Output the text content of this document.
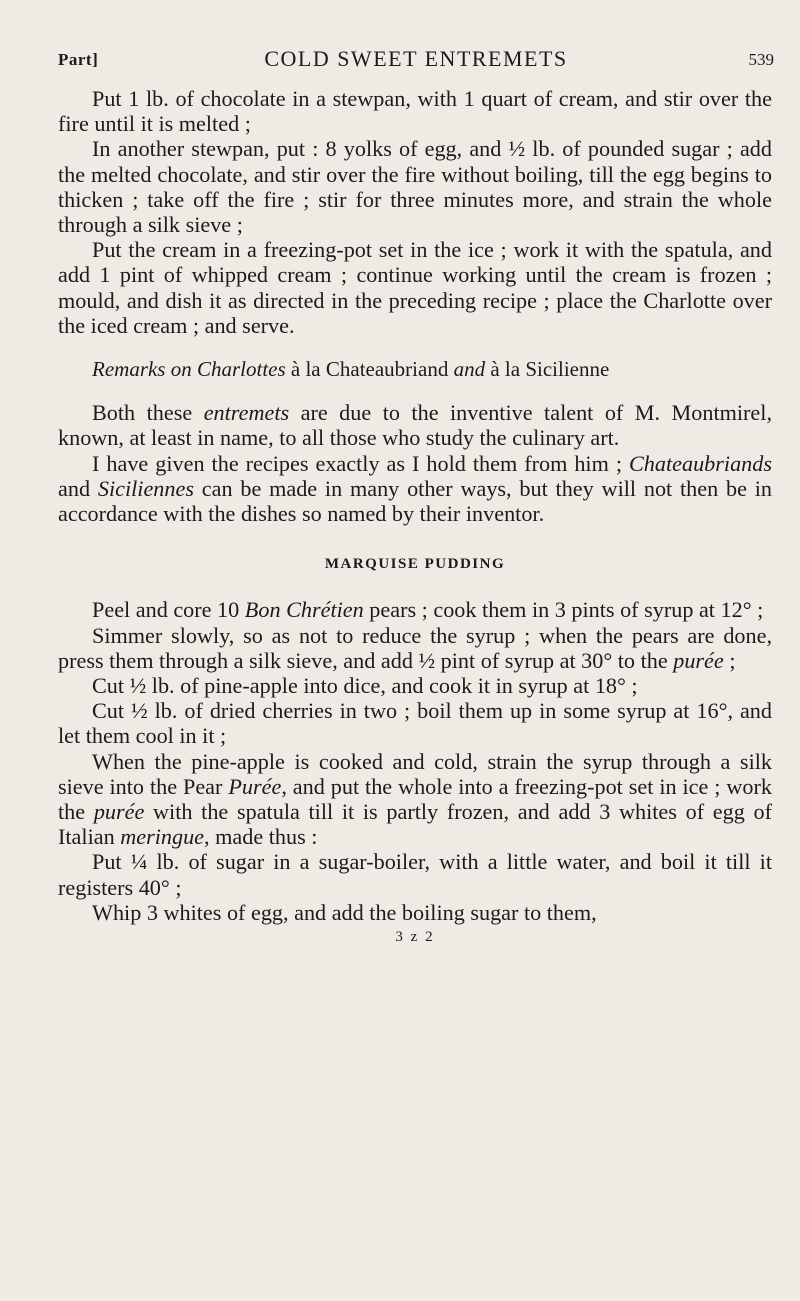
Part]	COLD SWEET ENTREMETS	539

Put 1 lb. of chocolate in a stewpan, with 1 quart of cream, and stir over the fire until it is melted ;

In another stewpan, put : 8 yolks of egg, and ½ lb. of pounded sugar ; add the melted chocolate, and stir over the fire without boiling, till the egg begins to thicken ; take off the fire ; stir for three minutes more, and strain the whole through a silk sieve ;

Put the cream in a freezing-pot set in the ice ; work it with the spatula, and add 1 pint of whipped cream ; continue working until the cream is frozen ; mould, and dish it as directed in the preceding recipe ; place the Charlotte over the iced cream ; and serve.

Remarks on Charlottes à la Chateaubriand and à la Sicilienne

Both these entremets are due to the inventive talent of M. Montmirel, known, at least in name, to all those who study the culinary art.

I have given the recipes exactly as I hold them from him ; Chateaubriands and Siciliennes can be made in many other ways, but they will not then be in accordance with the dishes so named by their inventor.

MARQUISE PUDDING

Peel and core 10 Bon Chrétien pears ; cook them in 3 pints of syrup at 12° ;

Simmer slowly, so as not to reduce the syrup ; when the pears are done, press them through a silk sieve, and add ½ pint of syrup at 30° to the purée ;

Cut ½ lb. of pine-apple into dice, and cook it in syrup at 18° ;

Cut ½ lb. of dried cherries in two ; boil them up in some syrup at 16°, and let them cool in it ;

When the pine-apple is cooked and cold, strain the syrup through a silk sieve into the Pear Purée, and put the whole into a freezing-pot set in ice ; work the purée with the spatula till it is partly frozen, and add 3 whites of egg of Italian meringue, made thus :

Put ¼ lb. of sugar in a sugar-boiler, with a little water, and boil it till it registers 40° ;

Whip 3 whites of egg, and add the boiling sugar to them,

3 z 2
